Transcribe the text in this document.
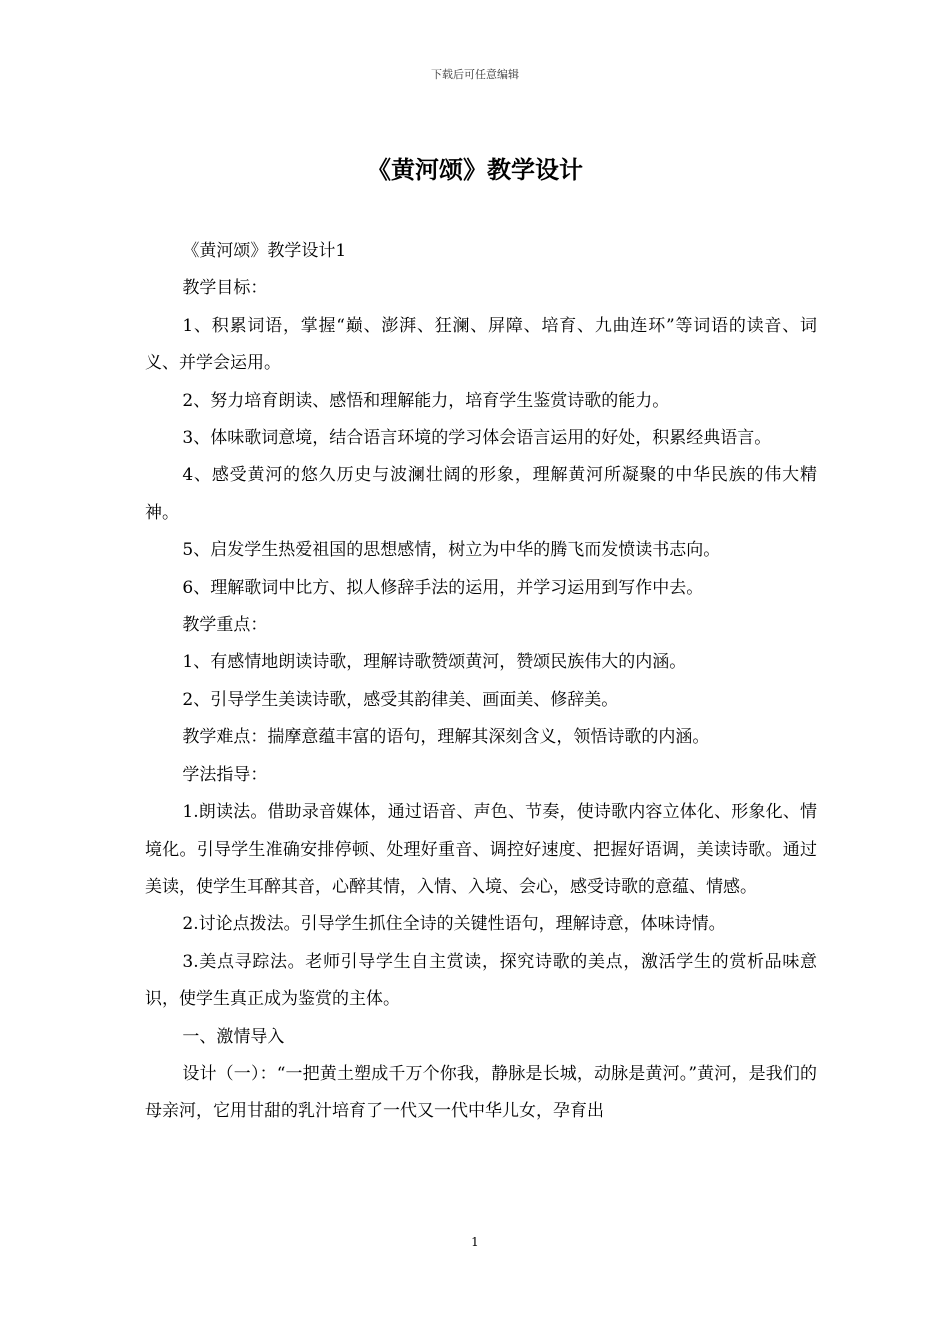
下载后可任意编辑
《黄河颂》教学设计

《黄河颂》教学设计1

教学目标：

1、积累词语，掌握“巅、澎湃、狂澜、屏障、培育、九曲连环”等词语的读音、词义、并学会运用。

2、努力培育朗读、感悟和理解能力，培育学生鉴赏诗歌的能力。

3、体味歌词意境，结合语言环境的学习体会语言运用的好处，积累经典语言。

4、感受黄河的悠久历史与波澜壮阔的形象，理解黄河所凝聚的中华民族的伟大精神。

5、启发学生热爱祖国的思想感情，树立为中华的腾飞而发愤读书志向。

6、理解歌词中比方、拟人修辞手法的运用，并学习运用到写作中去。

教学重点：

1、有感情地朗读诗歌，理解诗歌赞颂黄河，赞颂民族伟大的内涵。

2、引导学生美读诗歌，感受其韵律美、画面美、修辞美。

教学难点：揣摩意蕴丰富的语句，理解其深刻含义，领悟诗歌的内涵。

学法指导：

1.朗读法。借助录音媒体，通过语音、声色、节奏，使诗歌内容立体化、形象化、情境化。引导学生准确安排停顿、处理好重音、调控好速度、把握好语调，美读诗歌。通过美读，使学生耳醉其音，心醉其情，入情、入境、会心，感受诗歌的意蕴、情感。

2.讨论点拨法。引导学生抓住全诗的关键性语句，理解诗意，体味诗情。

3.美点寻踪法。老师引导学生自主赏读，探究诗歌的美点，激活学生的赏析品味意识，使学生真正成为鉴赏的主体。

一、激情导入

设计（一）：“一把黄土塑成千万个你我，静脉是长城，动脉是黄河。”黄河，是我们的母亲河，它用甘甜的乳汁培育了一代又一代中华儿女，孕育出

1
